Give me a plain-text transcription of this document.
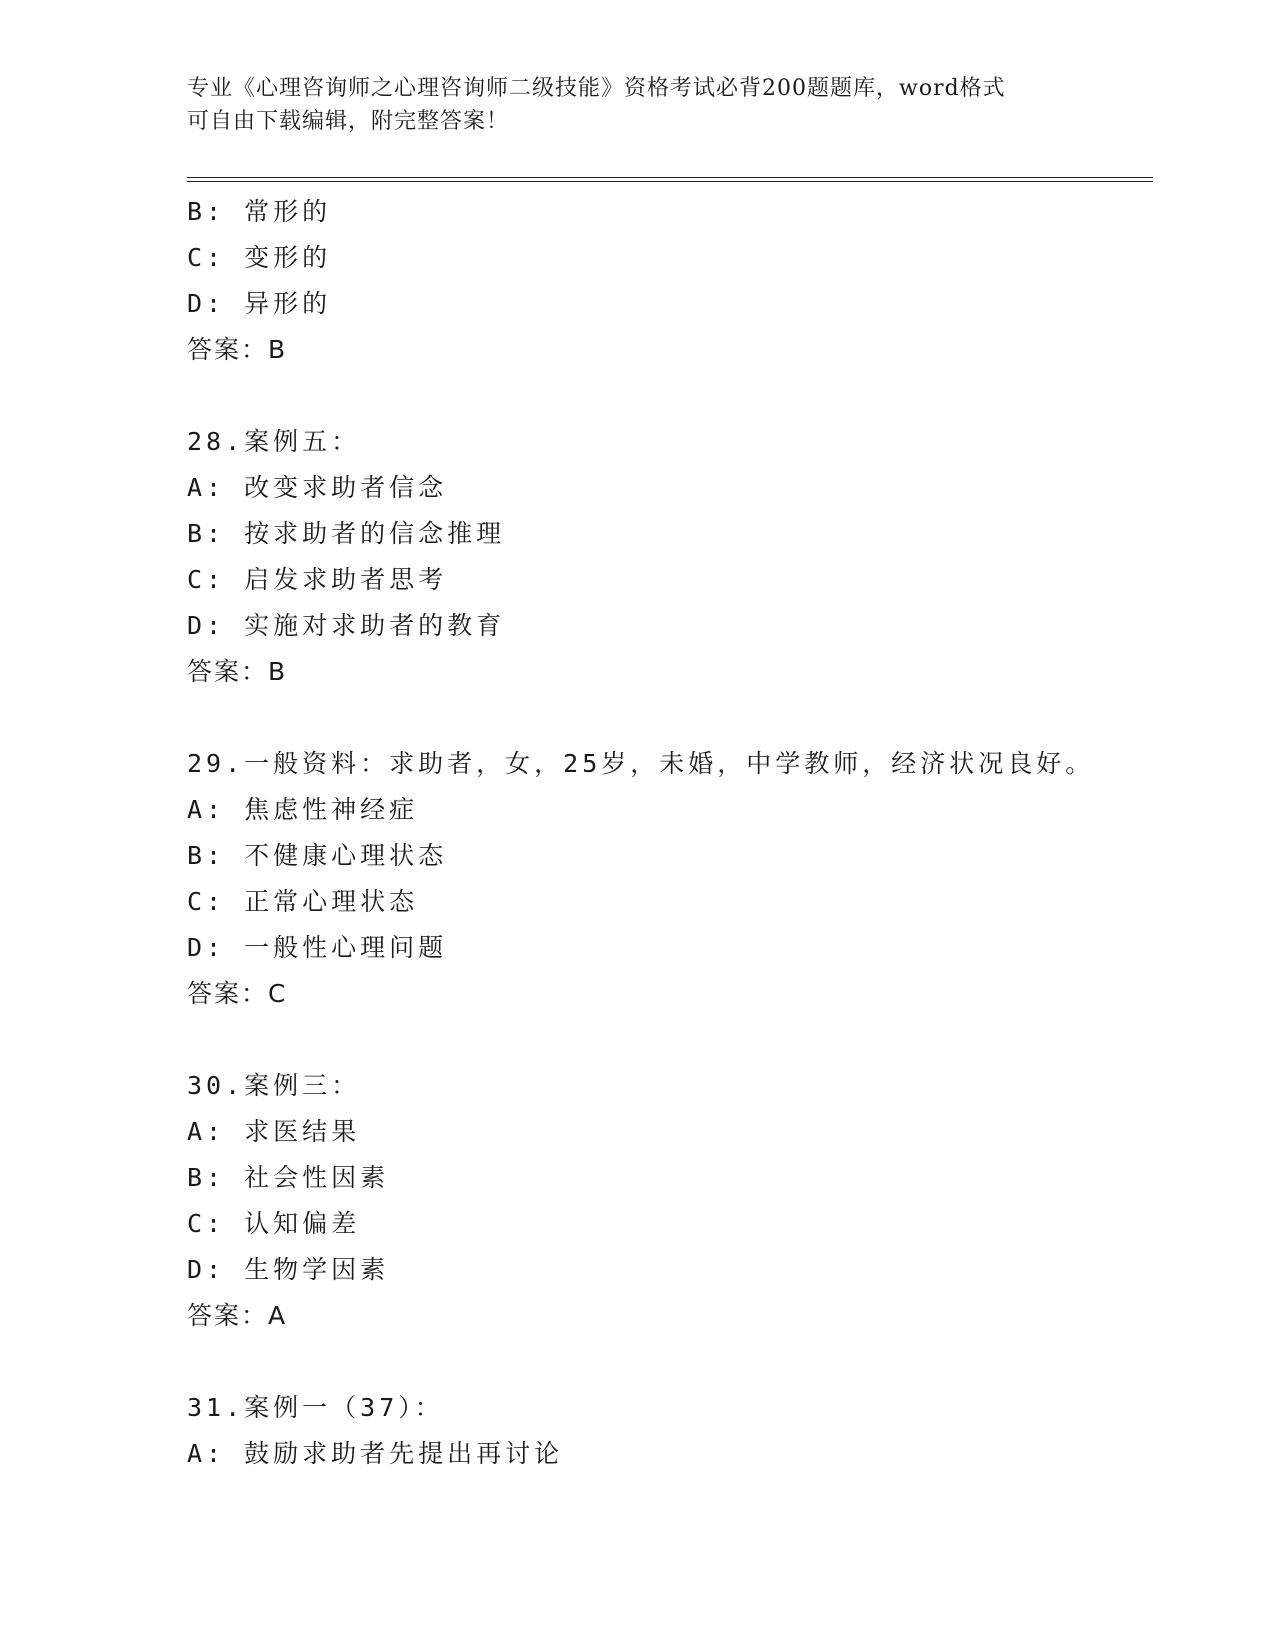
专业《心理咨询师之心理咨询师二级技能》资格考试必背200题题库，word格式
可自由下载编辑，附完整答案！
B: 常形的
C: 变形的
D: 异形的
答案：B
28.案例五：
A: 改变求助者信念
B: 按求助者的信念推理
C: 启发求助者思考
D: 实施对求助者的教育
答案：B
29.一般资料：求助者，女，25岁，未婚，中学教师，经济状况良好。
A: 焦虑性神经症
B: 不健康心理状态
C: 正常心理状态
D: 一般性心理问题
答案：C
30.案例三：
A: 求医结果
B: 社会性因素
C: 认知偏差
D: 生物学因素
答案：A
31.案例一（37）：
A: 鼓励求助者先提出再讨论
